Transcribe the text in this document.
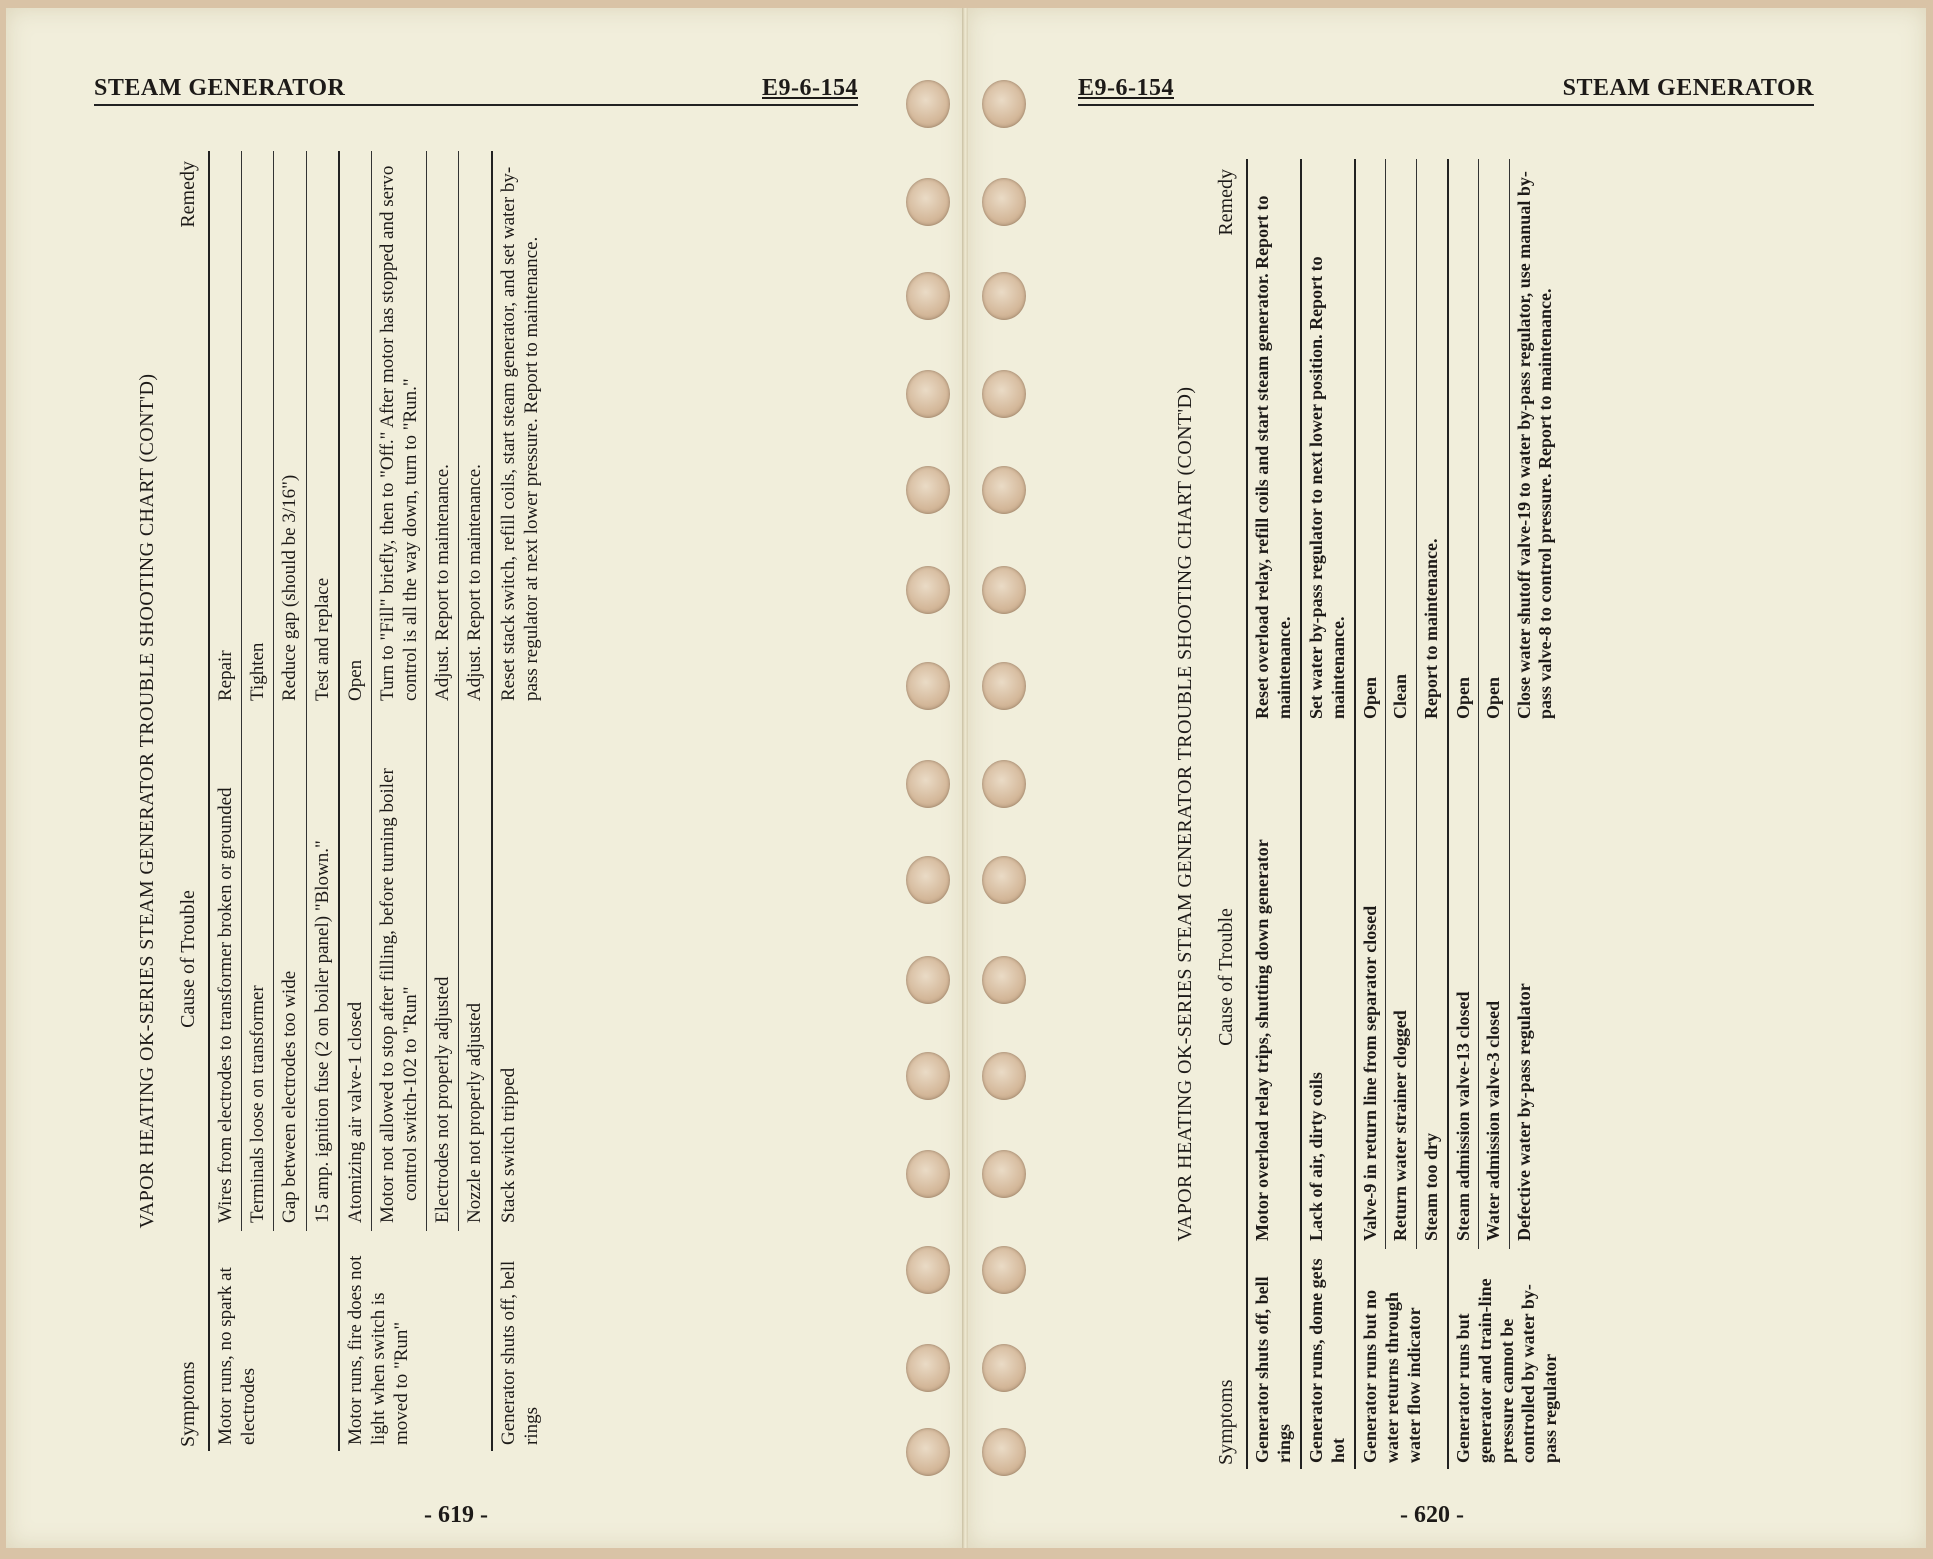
STEAM GENERATOR	E9-6-154
VAPOR HEATING OK-SERIES STEAM GENERATOR TROUBLE SHOOTING CHART (CONT'D)
Symptoms
Cause of Trouble
Remedy
Motor runs, no spark at electrodes
Wires from electrodes to transformer broken or grounded
Repair
Terminals loose on transformer
Tighten
Gap between electrodes too wide
Reduce gap (should be 3/16")
15 amp. ignition fuse (2 on boiler panel) "Blown."
Test and replace
Motor runs, fire does not light when switch is moved to "Run"
Atomizing air valve-1 closed
Open
Motor not allowed to stop after filling, before turning boiler control switch-102 to "Run"
Turn to "Fill" briefly, then to "Off." After motor has stopped and servo control is all the way down, turn to "Run."
Electrodes not properly adjusted
Adjust. Report to maintenance.
Nozzle not properly adjusted
Adjust. Report to maintenance.
Generator shuts off, bell rings
Stack switch tripped
Reset stack switch, refill coils, start steam generator, and set water by-pass regulator at next lower pressure. Report to maintenance.
- 619 -
E9-6-154	STEAM GENERATOR
VAPOR HEATING OK-SERIES STEAM GENERATOR TROUBLE SHOOTING CHART (CONT'D)
Symptoms
Cause of Trouble
Remedy
Generator shuts off, bell rings
Motor overload relay trips, shutting down generator
Reset overload relay, refill coils and start steam generator. Report to maintenance.
Generator runs, dome gets hot
Lack of air, dirty coils
Set water by-pass regulator to next lower position. Report to maintenance.
Generator runs but no water returns through water flow indicator
Valve-9 in return line from separator closed
Open
Return water strainer clogged
Clean
Steam too dry
Report to maintenance.
Generator runs but generator and train-line pressure cannot be controlled by water by-pass regulator
Steam admission valve-13 closed
Open
Water admission valve-3 closed
Open
Defective water by-pass regulator
Close water shutoff valve-19 to water by-pass regulator, use manual by-pass valve-8 to control pressure. Report to maintenance.
- 620 -
